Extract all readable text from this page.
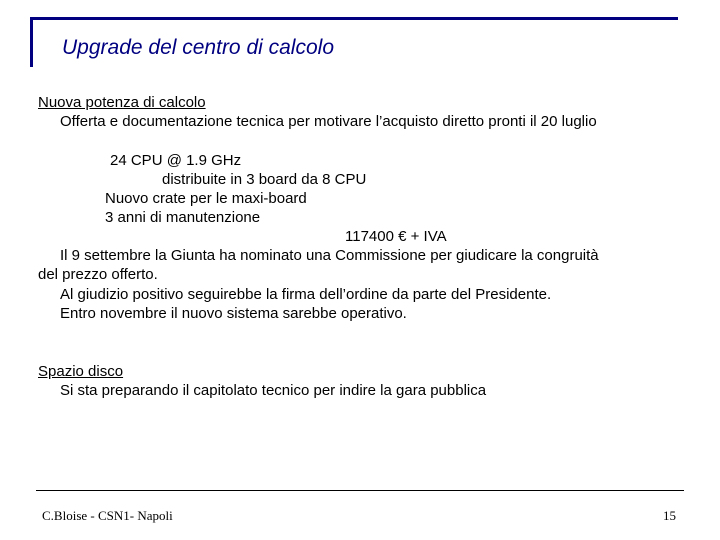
Upgrade del centro di calcolo
Nuova potenza di calcolo
Offerta e documentazione tecnica per motivare l’acquisto diretto pronti il 20 luglio
24 CPU @ 1.9 GHz
distribuite in 3 board da 8 CPU
Nuovo crate per le maxi-board
3 anni di manutenzione
117400 € + IVA
Il 9 settembre la Giunta ha nominato una Commissione per giudicare la congruità
del prezzo offerto.
Al giudizio positivo seguirebbe la firma dell’ordine da parte del Presidente.
Entro novembre il nuovo sistema sarebbe operativo.
Spazio disco
Si sta preparando il capitolato tecnico per indire la gara pubblica
C.Bloise - CSN1- Napoli	15
